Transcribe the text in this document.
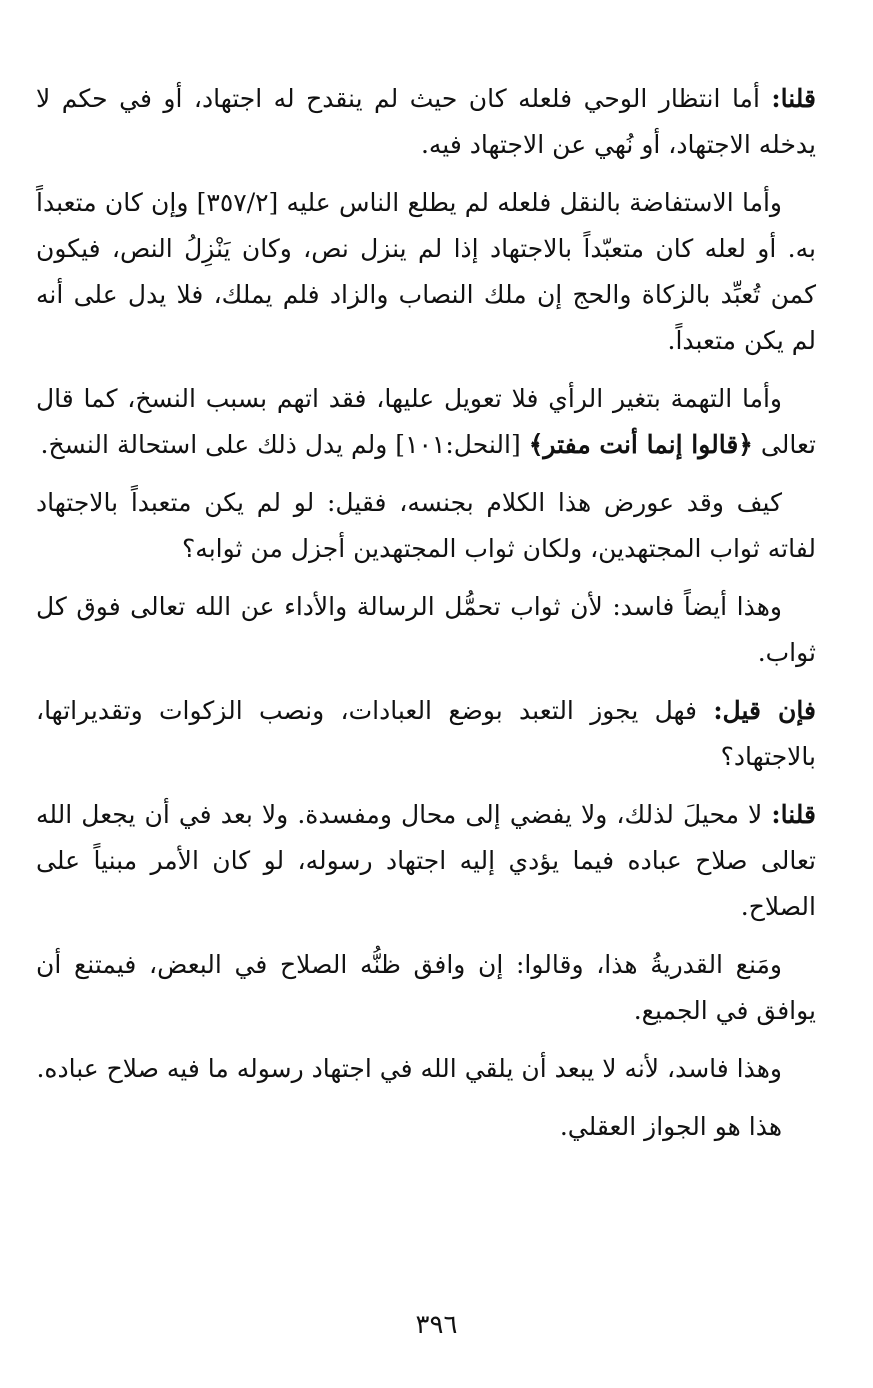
قلنا: أما انتظار الوحي فلعله كان حيث لم ينقدح له اجتهاد، أو في حكم لا يدخله الاجتهاد، أو نُهي عن الاجتهاد فيه.

وأما الاستفاضة بالنقل فلعله لم يطلع الناس عليه [٣٥٧/٢] وإن كان متعبداً به. أو لعله كان متعبّداً بالاجتهاد إذا لم ينزل نص، وكان يَنْزِلُ النص، فيكون كمن تُعبِّد بالزكاة والحج إن ملك النصاب والزاد فلم يملك، فلا يدل على أنه لم يكن متعبداً.

وأما التهمة بتغير الرأي فلا تعويل عليها، فقد اتهم بسبب النسخ، كما قال تعالى ﴿قالوا إنما أنت مفتر﴾ [النحل:١٠١] ولم يدل ذلك على استحالة النسخ.

كيف وقد عورض هذا الكلام بجنسه، فقيل: لو لم يكن متعبداً بالاجتهاد لفاته ثواب المجتهدين، ولكان ثواب المجتهدين أجزل من ثوابه؟

وهذا أيضاً فاسد: لأن ثواب تحمُّل الرسالة والأداء عن الله تعالى فوق كل ثواب.

فإن قيل: فهل يجوز التعبد بوضع العبادات، ونصب الزكوات وتقديراتها، بالاجتهاد؟

قلنا: لا محيلَ لذلك، ولا يفضي إلى محال ومفسدة. ولا بعد في أن يجعل الله تعالى صلاح عباده فيما يؤدي إليه اجتهاد رسوله، لو كان الأمر مبنياً على الصلاح.

ومَنع القدريةُ هذا، وقالوا: إن وافق ظنُّه الصلاح في البعض، فيمتنع أن يوافق في الجميع.

وهذا فاسد، لأنه لا يبعد أن يلقي الله في اجتهاد رسوله ما فيه صلاح عباده.

هذا هو الجواز العقلي.

٣٩٦
